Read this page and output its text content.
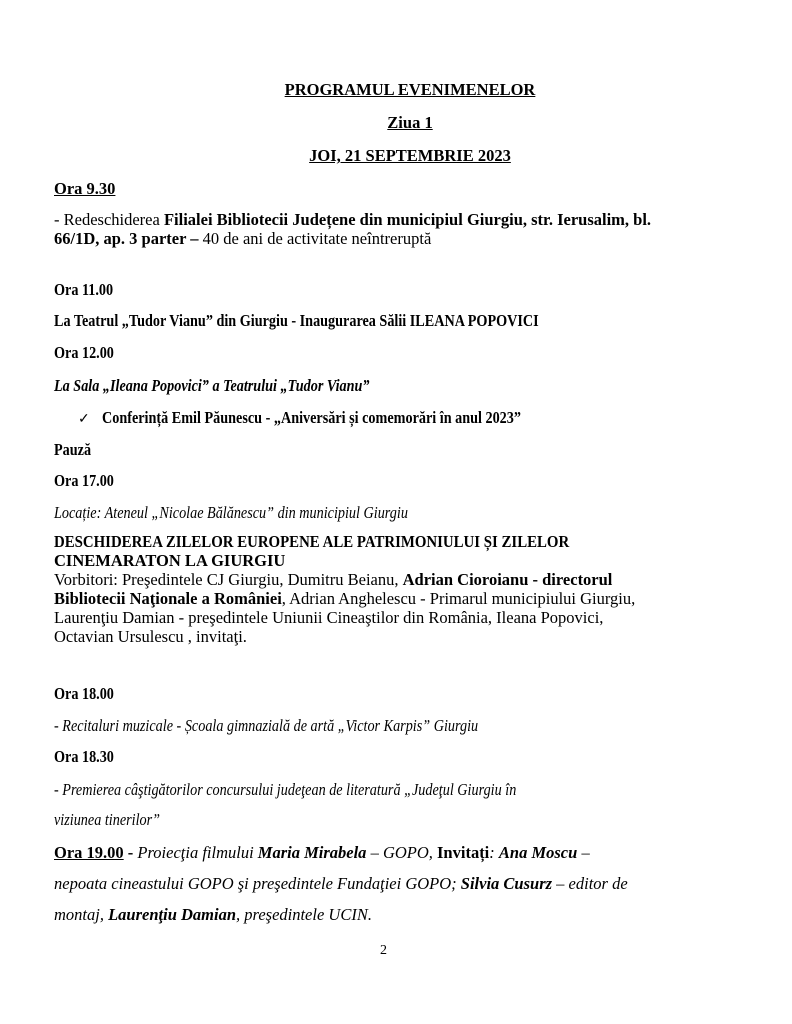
PROGRAMUL EVENIMENELOR
Ziua 1
JOI, 21 SEPTEMBRIE 2023
Ora 9.30
- Redeschiderea Filialei Bibliotecii Județene din municipiul Giurgiu, str. Ierusalim, bl.
66/1D, ap. 3 parter – 40 de ani de activitate neîntreruptă
Ora 11.00
La Teatrul „Tudor Vianu” din Giurgiu - Inaugurarea Sălii ILEANA POPOVICI
Ora 12.00
La Sala „Ileana Popovici” a Teatrului „Tudor Vianu”
✓ Conferință Emil Păunescu - „Aniversări și comemorări în anul 2023”
Pauză
Ora 17.00
Locație: Ateneul „Nicolae Bălănescu” din municipiul Giurgiu
DESCHIDEREA ZILELOR EUROPENE ALE PATRIMONIULUI ȘI ZILELOR
CINEMARATON LA GIURGIU
Vorbitori: Preşedintele CJ Giurgiu, Dumitru Beianu, Adrian Cioroianu - directorul
Bibliotecii Naţionale a României, Adrian Anghelescu - Primarul municipiului Giurgiu,
Laurenţiu Damian - preşedintele Uniunii Cineaştilor din România, Ileana Popovici,
Octavian Ursulescu , invitaţi.
Ora 18.00
- Recitaluri muzicale - Școala gimnazială de artă „Victor Karpis” Giurgiu
Ora 18.30
- Premierea câştigătorilor concursului judeţean de literatură „Judeţul Giurgiu în
viziunea tinerilor”
Ora 19.00 - Proiecţia filmului Maria Mirabela – GOPO, Invitați: Ana Moscu –
nepoata cineastului GOPO şi preşedintele Fundaţiei GOPO; Silvia Cusurz – editor de
montaj, Laurenţiu Damian, preşedintele UCIN.
2
